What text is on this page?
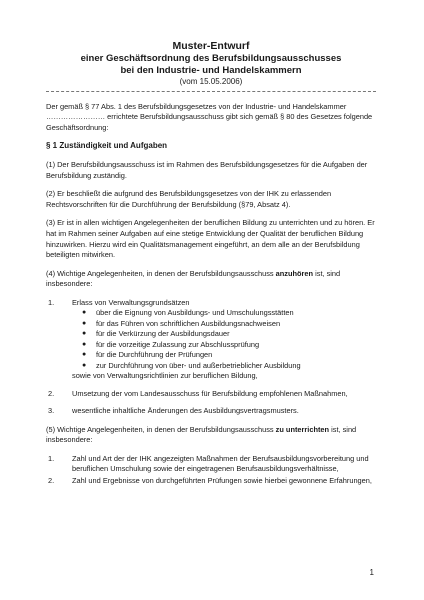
Muster-Entwurf
einer Geschäftsordnung des Berufsbildungsausschusses
bei den Industrie- und Handelskammern
(vom 15.05.2006)

Der gemäß § 77 Abs. 1 des Berufsbildungsgesetzes von der Industrie- und Handelskammer …………………… errichtete Berufsbildungsausschuss gibt sich gemäß § 80 des Gesetzes folgende Geschäftsordnung:

§ 1 Zuständigkeit und Aufgaben

(1) Der Berufsbildungsausschuss ist im Rahmen des Berufsbildungsgesetzes für die Aufgaben der Berufsbildung zuständig.

(2) Er beschließt die aufgrund des Berufsbildungsgesetzes von der IHK zu erlassenden Rechtsvorschriften für die Durchführung der Berufsbildung (§79, Absatz 4).

(3) Er ist in allen wichtigen Angelegenheiten der beruflichen Bildung zu unterrichten und zu hören. Er hat im Rahmen seiner Aufgaben auf eine stetige Entwicklung der Qualität der beruflichen Bildung hinzuwirken. Hierzu wird ein Qualitätsmanagement eingeführt, an dem alle an der Berufsbildung beteiligten mitwirken.

(4) Wichtige Angelegenheiten, in denen der Berufsbildungsausschuss anzuhören ist, sind insbesondere:

1. Erlass von Verwaltungsgrundsätzen
● über die Eignung von Ausbildungs- und Umschulungsstätten
● für das Führen von schriftlichen Ausbildungsnachweisen
● für die Verkürzung der Ausbildungsdauer
● für die vorzeitige Zulassung zur Abschlussprüfung
● für die Durchführung der Prüfungen
● zur Durchführung von über- und außerbetrieblicher Ausbildung
sowie von Verwaltungsrichtlinien zur beruflichen Bildung,
2. Umsetzung der vom Landesausschuss für Berufsbildung empfohlenen Maßnahmen,
3. wesentliche inhaltliche Änderungen des Ausbildungsvertragsmusters.

(5) Wichtige Angelegenheiten, in denen der Berufsbildungsausschuss zu unterrichten ist, sind insbesondere:

1. Zahl und Art der der IHK angezeigten Maßnahmen der Berufsausbildungsvorbereitung und beruflichen Umschulung sowie der eingetragenen Berufsausbildungsverhältnisse,
2. Zahl und Ergebnisse von durchgeführten Prüfungen sowie hierbei gewonnene Erfahrungen,
1
